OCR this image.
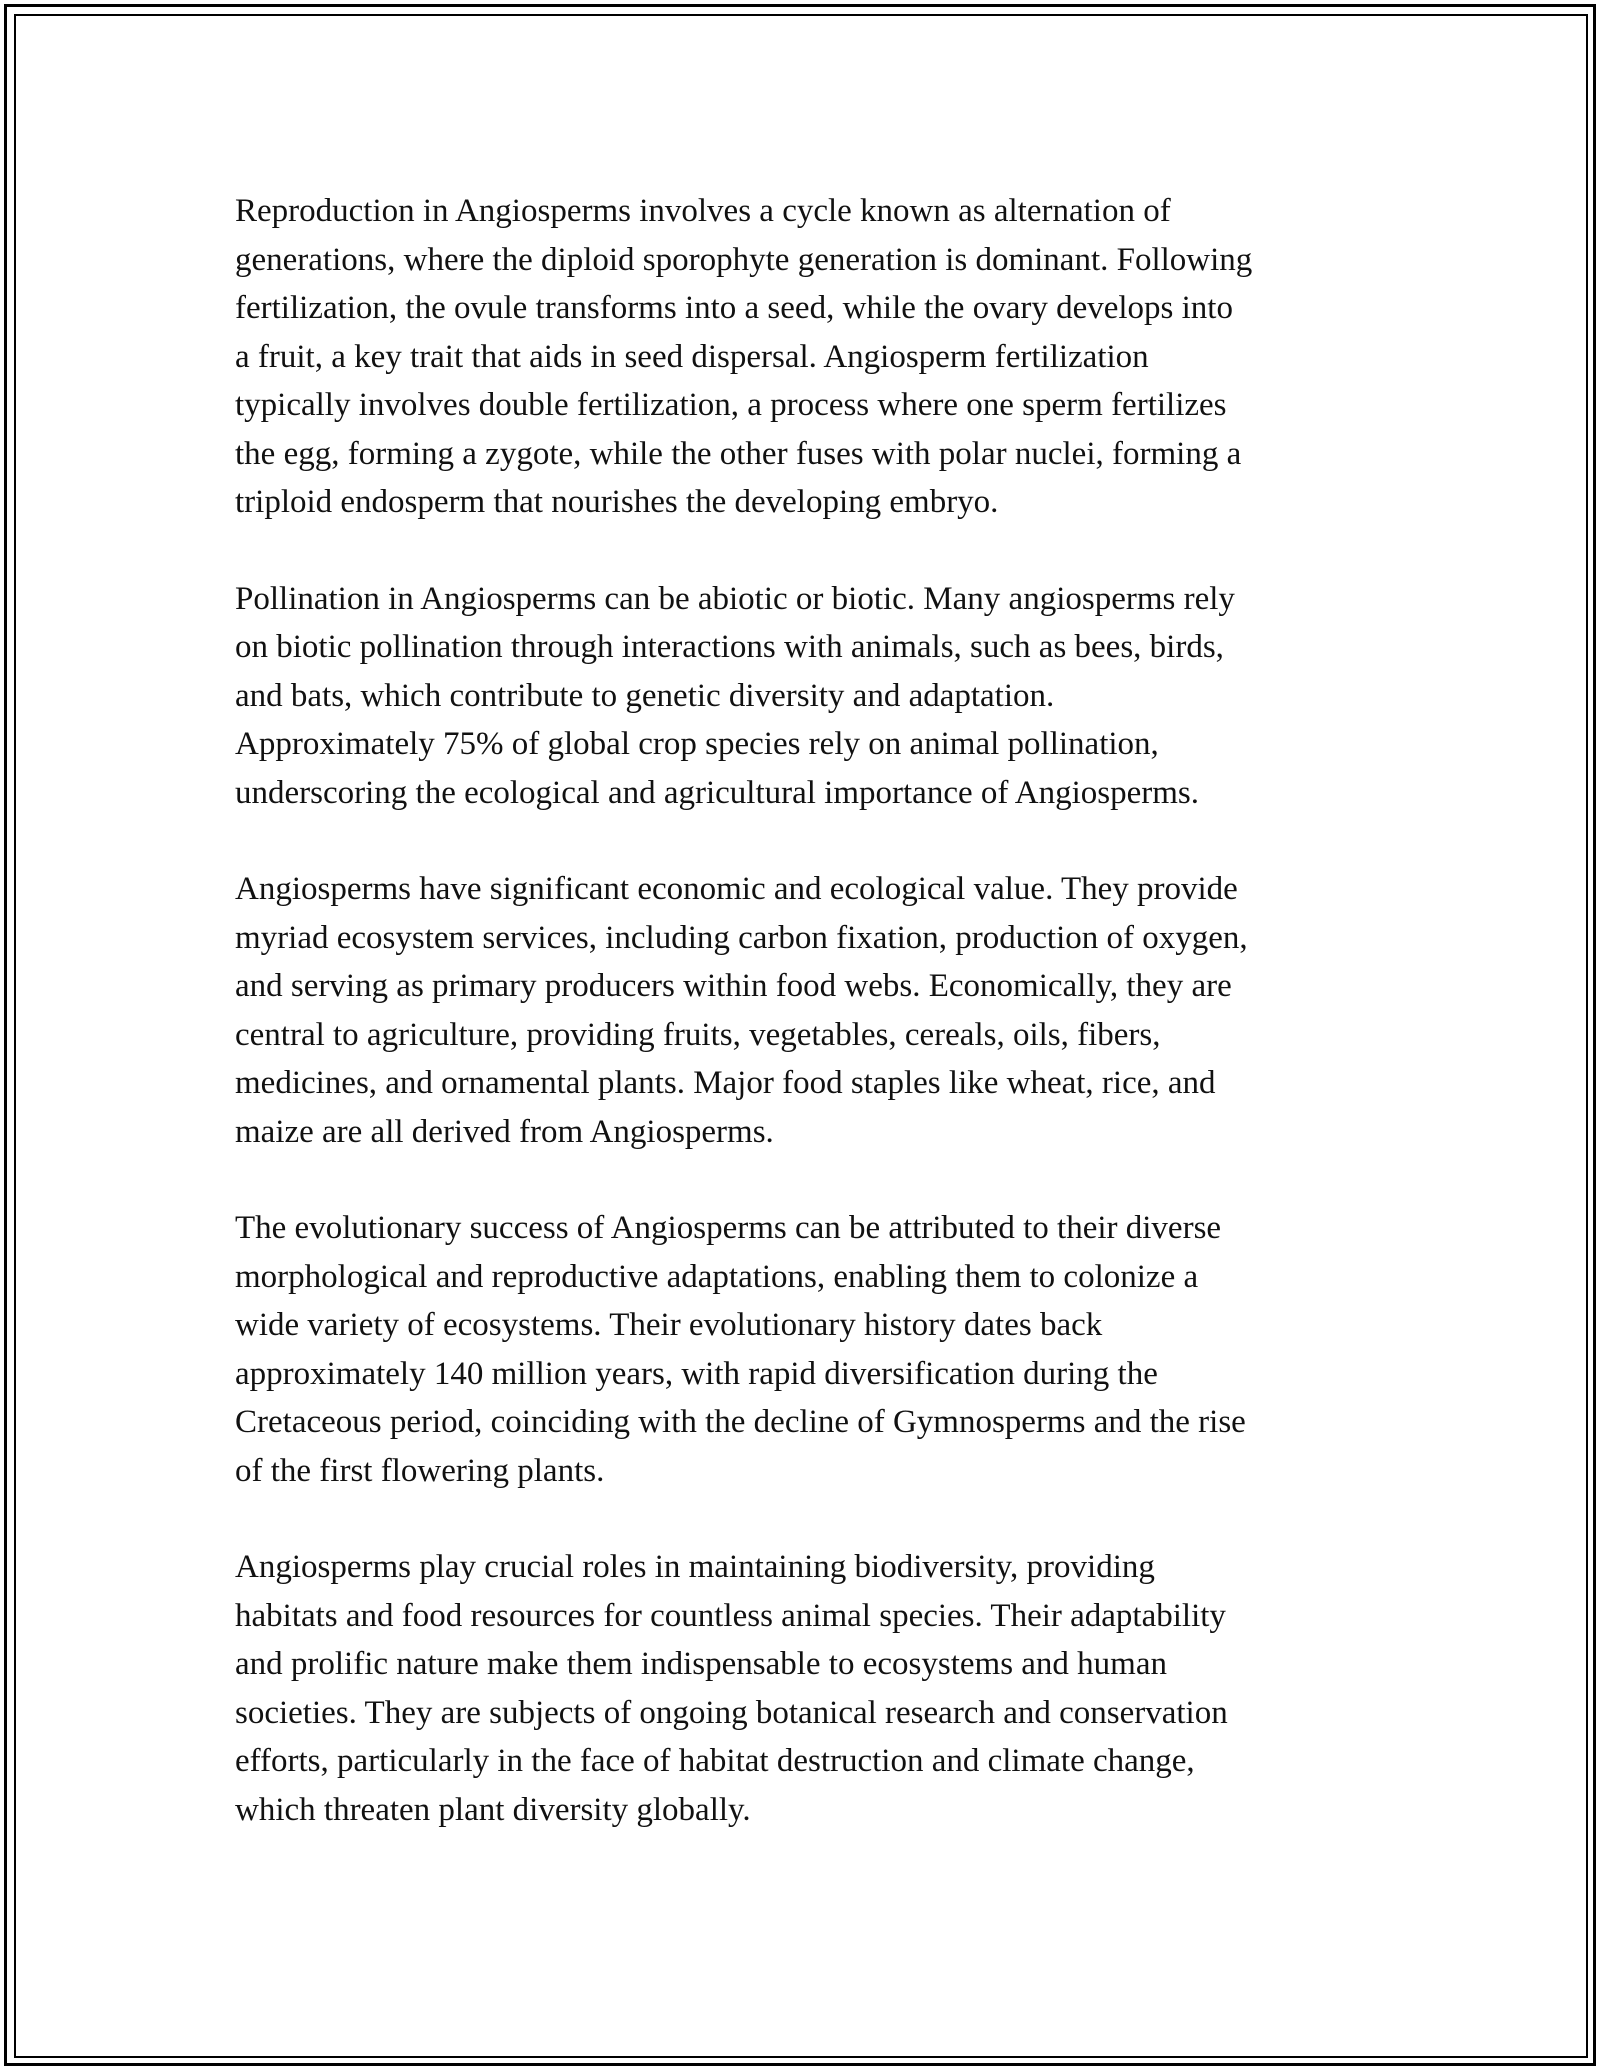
Reproduction in Angiosperms involves a cycle known as alternation of
generations, where the diploid sporophyte generation is dominant. Following
fertilization, the ovule transforms into a seed, while the ovary develops into
a fruit, a key trait that aids in seed dispersal. Angiosperm fertilization
typically involves double fertilization, a process where one sperm fertilizes
the egg, forming a zygote, while the other fuses with polar nuclei, forming a
triploid endosperm that nourishes the developing embryo.
Pollination in Angiosperms can be abiotic or biotic. Many angiosperms rely
on biotic pollination through interactions with animals, such as bees, birds,
and bats, which contribute to genetic diversity and adaptation.
Approximately 75% of global crop species rely on animal pollination,
underscoring the ecological and agricultural importance of Angiosperms.
Angiosperms have significant economic and ecological value. They provide
myriad ecosystem services, including carbon fixation, production of oxygen,
and serving as primary producers within food webs. Economically, they are
central to agriculture, providing fruits, vegetables, cereals, oils, fibers,
medicines, and ornamental plants. Major food staples like wheat, rice, and
maize are all derived from Angiosperms.
The evolutionary success of Angiosperms can be attributed to their diverse
morphological and reproductive adaptations, enabling them to colonize a
wide variety of ecosystems. Their evolutionary history dates back
approximately 140 million years, with rapid diversification during the
Cretaceous period, coinciding with the decline of Gymnosperms and the rise
of the first flowering plants.
Angiosperms play crucial roles in maintaining biodiversity, providing
habitats and food resources for countless animal species. Their adaptability
and prolific nature make them indispensable to ecosystems and human
societies. They are subjects of ongoing botanical research and conservation
efforts, particularly in the face of habitat destruction and climate change,
which threaten plant diversity globally.
